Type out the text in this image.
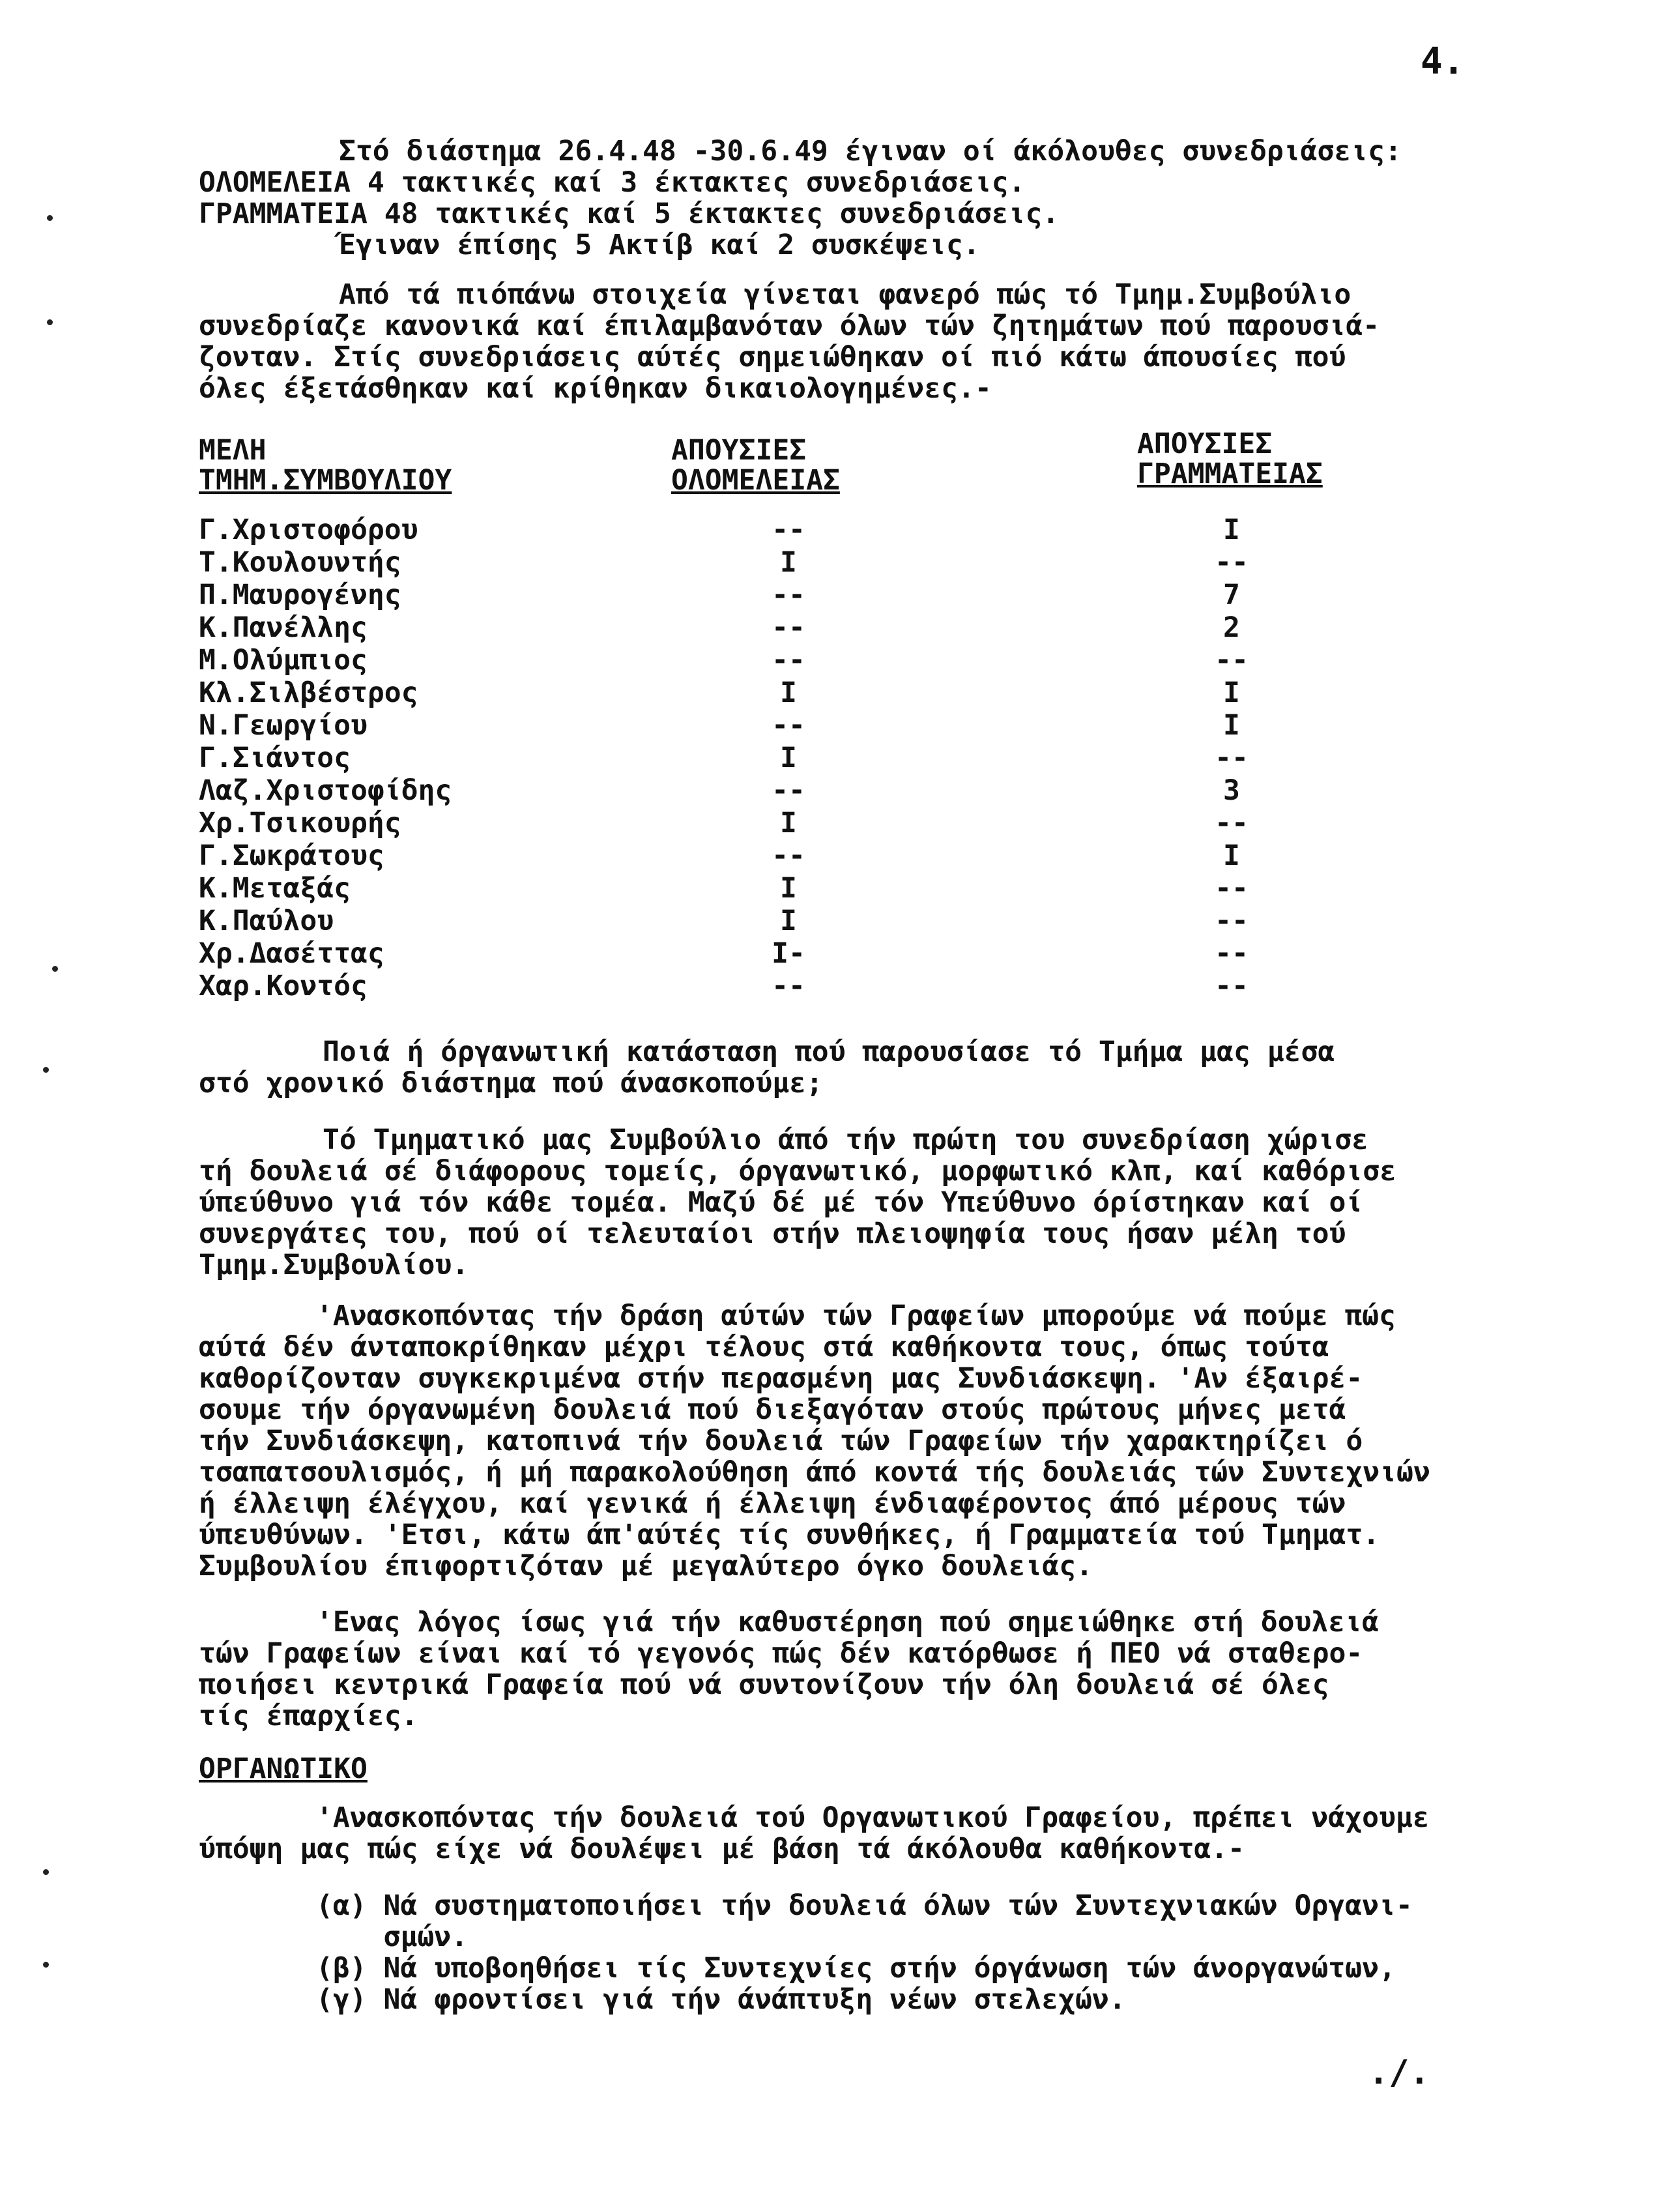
4.
Στό διάστημα 26.4.48 -30.6.49 έγιναν οί άκόλουθες συνεδριάσεις:
ΟΛΟΜΕΛΕΙΑ 4 τακτικές καί 3 έκτακτες συνεδριάσεις.
ΓΡΑΜΜΑΤΕΙΑ 48 τακτικές καί 5 έκτακτες συνεδριάσεις.
Έγιναν έπίσης 5 Ακτίβ καί 2 συσκέψεις.
Από τά πιόπάνω στοιχεία γίνεται φανερό πώς τό Τμημ.Συμβούλιο
συνεδρίαζε κανονικά καί έπιλαμβανόταν όλων τών ζητημάτων πού παρουσιά-
ζονταν. Στίς συνεδριάσεις αύτές σημειώθηκαν οί πιό κάτω άπουσίες πού
όλες έξετάσθηκαν καί κρίθηκαν δικαιολογημένες.-
ΜΕΛΗ
ΤΜΗΜ.ΣΥΜΒΟΥΛΙΟΥ
ΑΠΟΥΣΙΕΣ
ΟΛΟΜΕΛΕΙΑΣ
ΑΠΟΥΣΙΕΣ
ΓΡΑΜΜΑΤΕΙΑΣ
Γ.Χριστοφόρου	--	I
Τ.Κουλουντής	I	--
Π.Μαυρογένης	--	7
Κ.Πανέλλης	--	2
Μ.Ολύμπιος	--	--
Κλ.Σιλβέστρος	I	I
Ν.Γεωργίου	--	I
Γ.Σιάντος	I	--
Λαζ.Χριστοφίδης	--	3
Χρ.Τσικουρής	I	--
Γ.Σωκράτους	--	I
Κ.Μεταξάς	I	--
Κ.Παύλου	I	--
Χρ.Δασέττας	I-	--
Χαρ.Κοντός	--	--
Ποιά ή όργανωτική κατάσταση πού παρουσίασε τό Τμήμα μας μέσα
στό χρονικό διάστημα πού άνασκοπούμε;
Τό Τμηματικό μας Συμβούλιο άπό τήν πρώτη του συνεδρίαση χώρισε
τή δουλειά σέ διάφορους τομείς, όργανωτικό, μορφωτικό κλπ, καί καθόρισε
ύπεύθυνο γιά τόν κάθε τομέα. Μαζύ δέ μέ τόν Υπεύθυνο όρίστηκαν καί οί
συνεργάτες του, πού οί τελευταίοι στήν πλειοψηφία τους ήσαν μέλη τού
Τμημ.Συμβουλίου.
'Ανασκοπόντας τήν δράση αύτών τών Γραφείων μπορούμε νά πούμε πώς
αύτά δέν άνταποκρίθηκαν μέχρι τέλους στά καθήκοντα τους, όπως τούτα
καθορίζονταν συγκεκριμένα στήν περασμένη μας Συνδιάσκεψη. 'Αν έξαιρέ-
σουμε τήν όργανωμένη δουλειά πού διεξαγόταν στούς πρώτους μήνες μετά
τήν Συνδιάσκεψη, κατοπινά τήν δουλειά τών Γραφείων τήν χαρακτηρίζει ό
τσαπατσουλισμός, ή μή παρακολούθηση άπό κοντά τής δουλειάς τών Συντεχνιών
ή έλλειψη έλέγχου, καί γενικά ή έλλειψη ένδιαφέροντος άπό μέρους τών
ύπευθύνων. 'Ετσι, κάτω άπ'αύτές τίς συνθήκες, ή Γραμματεία τού Τμηματ.
Συμβουλίου έπιφορτιζόταν μέ μεγαλύτερο όγκο δουλειάς.
'Ενας λόγος ίσως γιά τήν καθυστέρηση πού σημειώθηκε στή δουλειά
τών Γραφείων είναι καί τό γεγονός πώς δέν κατόρθωσε ή ΠΕΟ νά σταθερο-
ποιήσει κεντρικά Γραφεία πού νά συντονίζουν τήν όλη δουλειά σέ όλες
τίς έπαρχίες.
ΟΡΓΑΝΩΤΙΚΟ
'Ανασκοπόντας τήν δουλειά τού Οργανωτικού Γραφείου, πρέπει νάχουμε
ύπόψη μας πώς είχε νά δουλέψει μέ βάση τά άκόλουθα καθήκοντα.-
(α) Νά συστηματοποιήσει τήν δουλειά όλων τών Συντεχνιακών Οργανι-
σμών.
(β) Νά υποβοηθήσει τίς Συντεχνίες στήν όργάνωση τών άνοργανώτων,
(γ) Νά φροντίσει γιά τήν άνάπτυξη νέων στελεχών.
./.
